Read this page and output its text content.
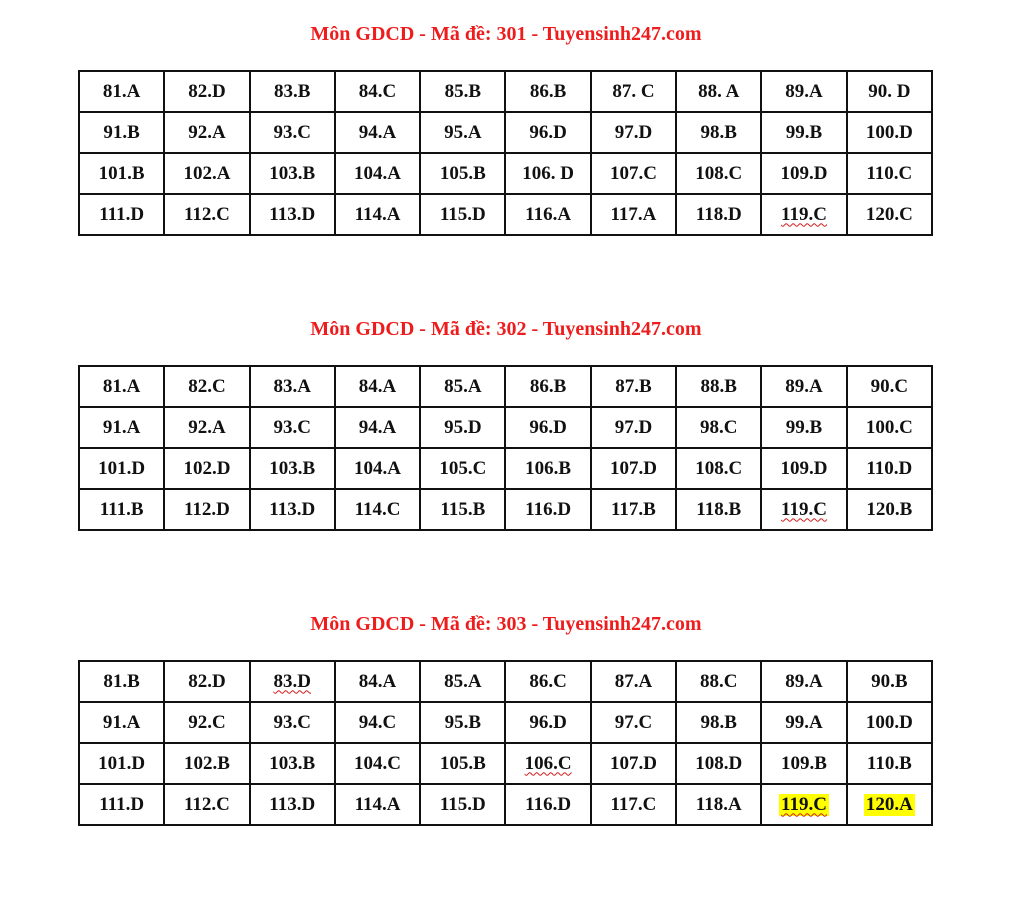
Môn GDCD - Mã đề: 301 - Tuyensinh247.com
81.A	82.D	83.B	84.C	85.B	86.B	87. C	88. A	89.A	90. D
91.B	92.A	93.C	94.A	95.A	96.D	97.D	98.B	99.B	100.D
101.B	102.A	103.B	104.A	105.B	106. D	107.C	108.C	109.D	110.C
111.D	112.C	113.D	114.A	115.D	116.A	117.A	118.D	119.C	120.C
Môn GDCD - Mã đề: 302 - Tuyensinh247.com
81.A	82.C	83.A	84.A	85.A	86.B	87.B	88.B	89.A	90.C
91.A	92.A	93.C	94.A	95.D	96.D	97.D	98.C	99.B	100.C
101.D	102.D	103.B	104.A	105.C	106.B	107.D	108.C	109.D	110.D
111.B	112.D	113.D	114.C	115.B	116.D	117.B	118.B	119.C	120.B
Môn GDCD - Mã đề: 303 - Tuyensinh247.com
81.B	82.D	83.D	84.A	85.A	86.C	87.A	88.C	89.A	90.B
91.A	92.C	93.C	94.C	95.B	96.D	97.C	98.B	99.A	100.D
101.D	102.B	103.B	104.C	105.B	106.C	107.D	108.D	109.B	110.B
111.D	112.C	113.D	114.A	115.D	116.D	117.C	118.A	119.C	120.A
